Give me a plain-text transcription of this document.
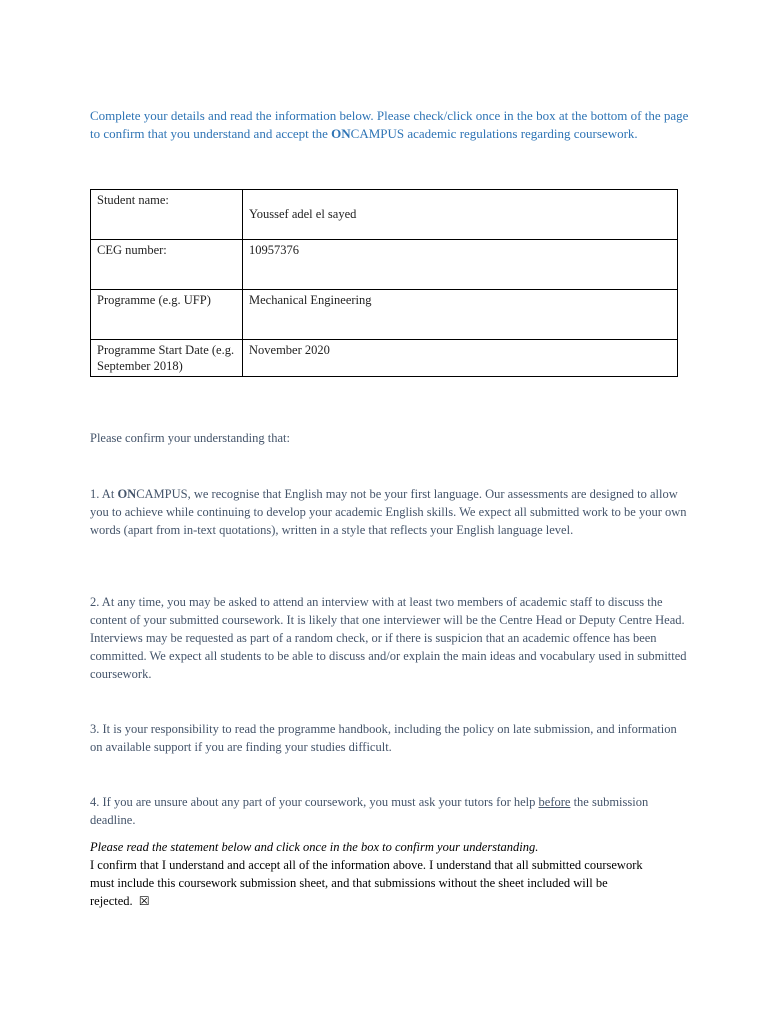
Complete your details and read the information below. Please check/click once in the box at the bottom of the page to confirm that you understand and accept the ONCAMPUS academic regulations regarding coursework.

Student name:	Youssef adel el sayed

CEG number:	10957376
Programme (e.g. UFP)	Mechanical Engineering
Programme Start Date (e.g. September 2018)	November 2020

Please confirm your understanding that:

1. At ONCAMPUS, we recognise that English may not be your first language. Our assessments are designed to allow you to achieve while continuing to develop your academic English skills. We expect all submitted work to be your own words (apart from in-text quotations), written in a style that reflects your English language level.

2. At any time, you may be asked to attend an interview with at least two members of academic staff to discuss the content of your submitted coursework. It is likely that one interviewer will be the Centre Head or Deputy Centre Head. Interviews may be requested as part of a random check, or if there is suspicion that an academic offence has been committed. We expect all students to be able to discuss and/or explain the main ideas and vocabulary used in submitted coursework.

3. It is your responsibility to read the programme handbook, including the policy on late submission, and information on available support if you are finding your studies difficult.

4. If you are unsure about any part of your coursework, you must ask your tutors for help before the submission deadline.

Please read the statement below and click once in the box to confirm your understanding.

I confirm that I understand and accept all of the information above. I understand that all submitted coursework must include this coursework submission sheet, and that submissions without the sheet included will be rejected. ☒
